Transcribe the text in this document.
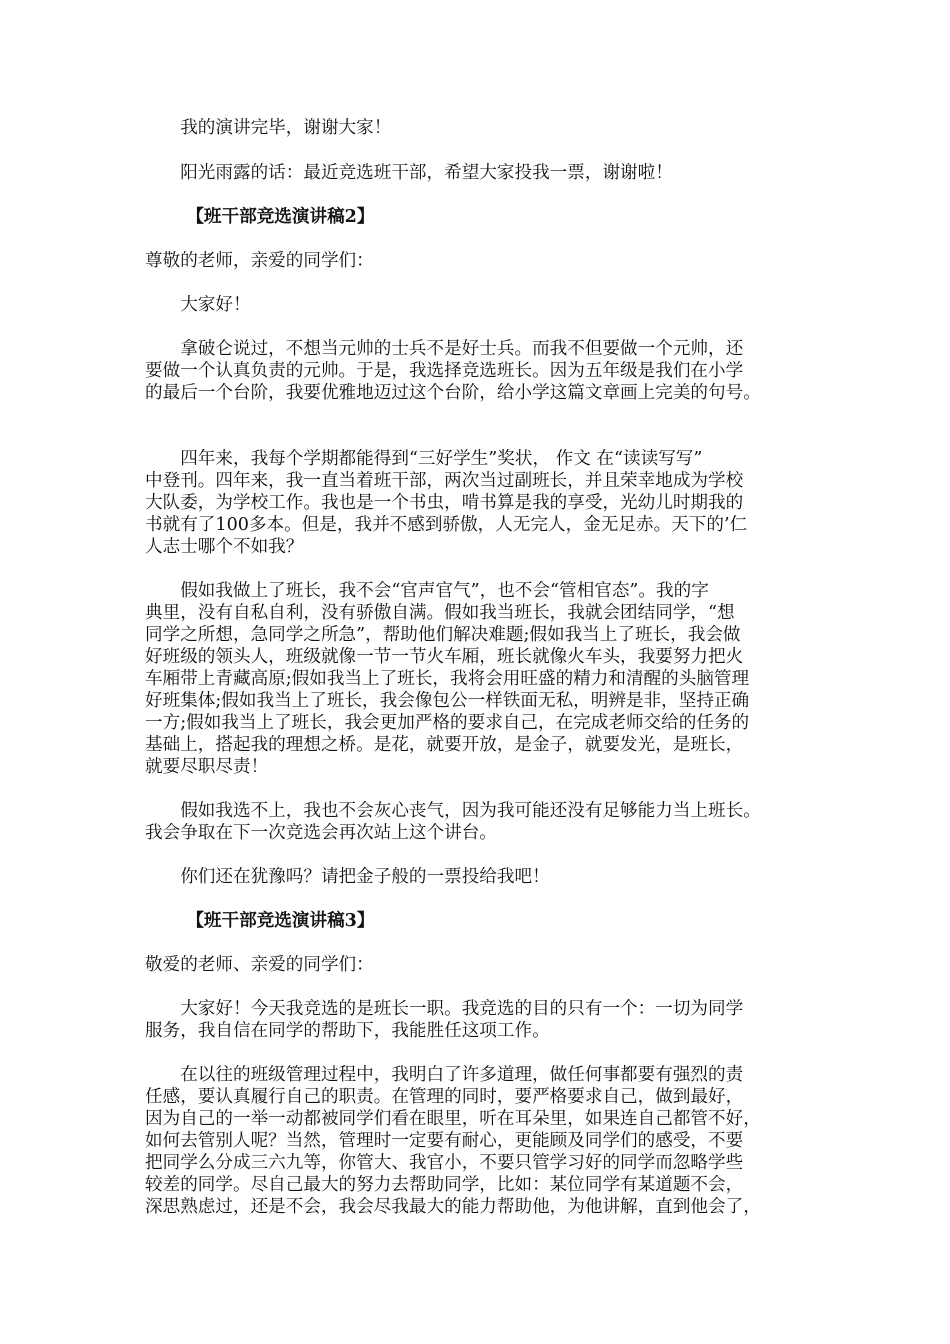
　　我的演讲完毕，谢谢大家！

　　阳光雨露的话：最近竞选班干部，希望大家投我一票，谢谢啦！

　　 【班干部竞选演讲稿2】

尊敬的老师，亲爱的同学们：

　　大家好！

　　拿破仑说过，不想当元帅的士兵不是好士兵。而我不但要做一个元帅，还

要做一个认真负责的元帅。于是，我选择竞选班长。因为五年级是我们在小学

的最后一个台阶，我要优雅地迈过这个台阶，给小学这篇文章画上完美的句号。

　　四年来，我每个学期都能得到“三好学生”奖状， 作文 在“读读写写”

中登刊。四年来，我一直当着班干部，两次当过副班长，并且荣幸地成为学校

大队委，为学校工作。我也是一个书虫，啃书算是我的享受，光幼儿时期我的

书就有了100多本。但是，我并不感到骄傲，人无完人，金无足赤。天下的’仁

人志士哪个不如我？

　　假如我做上了班长，我不会“官声官气”，也不会“管相官态”。我的字

典里，没有自私自利，没有骄傲自满。假如我当班长，我就会团结同学，“想

同学之所想，急同学之所急”，帮助他们解决难题;假如我当上了班长，我会做

好班级的领头人，班级就像一节一节火车厢，班长就像火车头，我要努力把火

车厢带上青藏高原;假如我当上了班长，我将会用旺盛的精力和清醒的头脑管理

好班集体;假如我当上了班长，我会像包公一样铁面无私，明辨是非，坚持正确

一方;假如我当上了班长，我会更加严格的要求自己，在完成老师交给的任务的

基础上，搭起我的理想之桥。是花，就要开放，是金子，就要发光，是班长，

就要尽职尽责！

　　假如我选不上，我也不会灰心丧气，因为我可能还没有足够能力当上班长。

我会争取在下一次竞选会再次站上这个讲台。

　　你们还在犹豫吗？请把金子般的一票投给我吧！

　　 【班干部竞选演讲稿3】

敬爱的老师、亲爱的同学们：

　　大家好！今天我竞选的是班长一职。我竞选的目的只有一个：一切为同学

服务，我自信在同学的帮助下，我能胜任这项工作。

　　在以往的班级管理过程中，我明白了许多道理，做任何事都要有强烈的责

任感，要认真履行自己的职责。在管理的同时，要严格要求自己，做到最好，

因为自己的一举一动都被同学们看在眼里，听在耳朵里，如果连自己都管不好，

如何去管别人呢？当然，管理时一定要有耐心，更能顾及同学们的感受，不要

把同学么分成三六九等，你管大、我官小，不要只管学习好的同学而忽略学些

较差的同学。尽自己最大的努力去帮助同学，比如：某位同学有某道题不会，

深思熟虑过，还是不会，我会尽我最大的能力帮助他，为他讲解，直到他会了，
